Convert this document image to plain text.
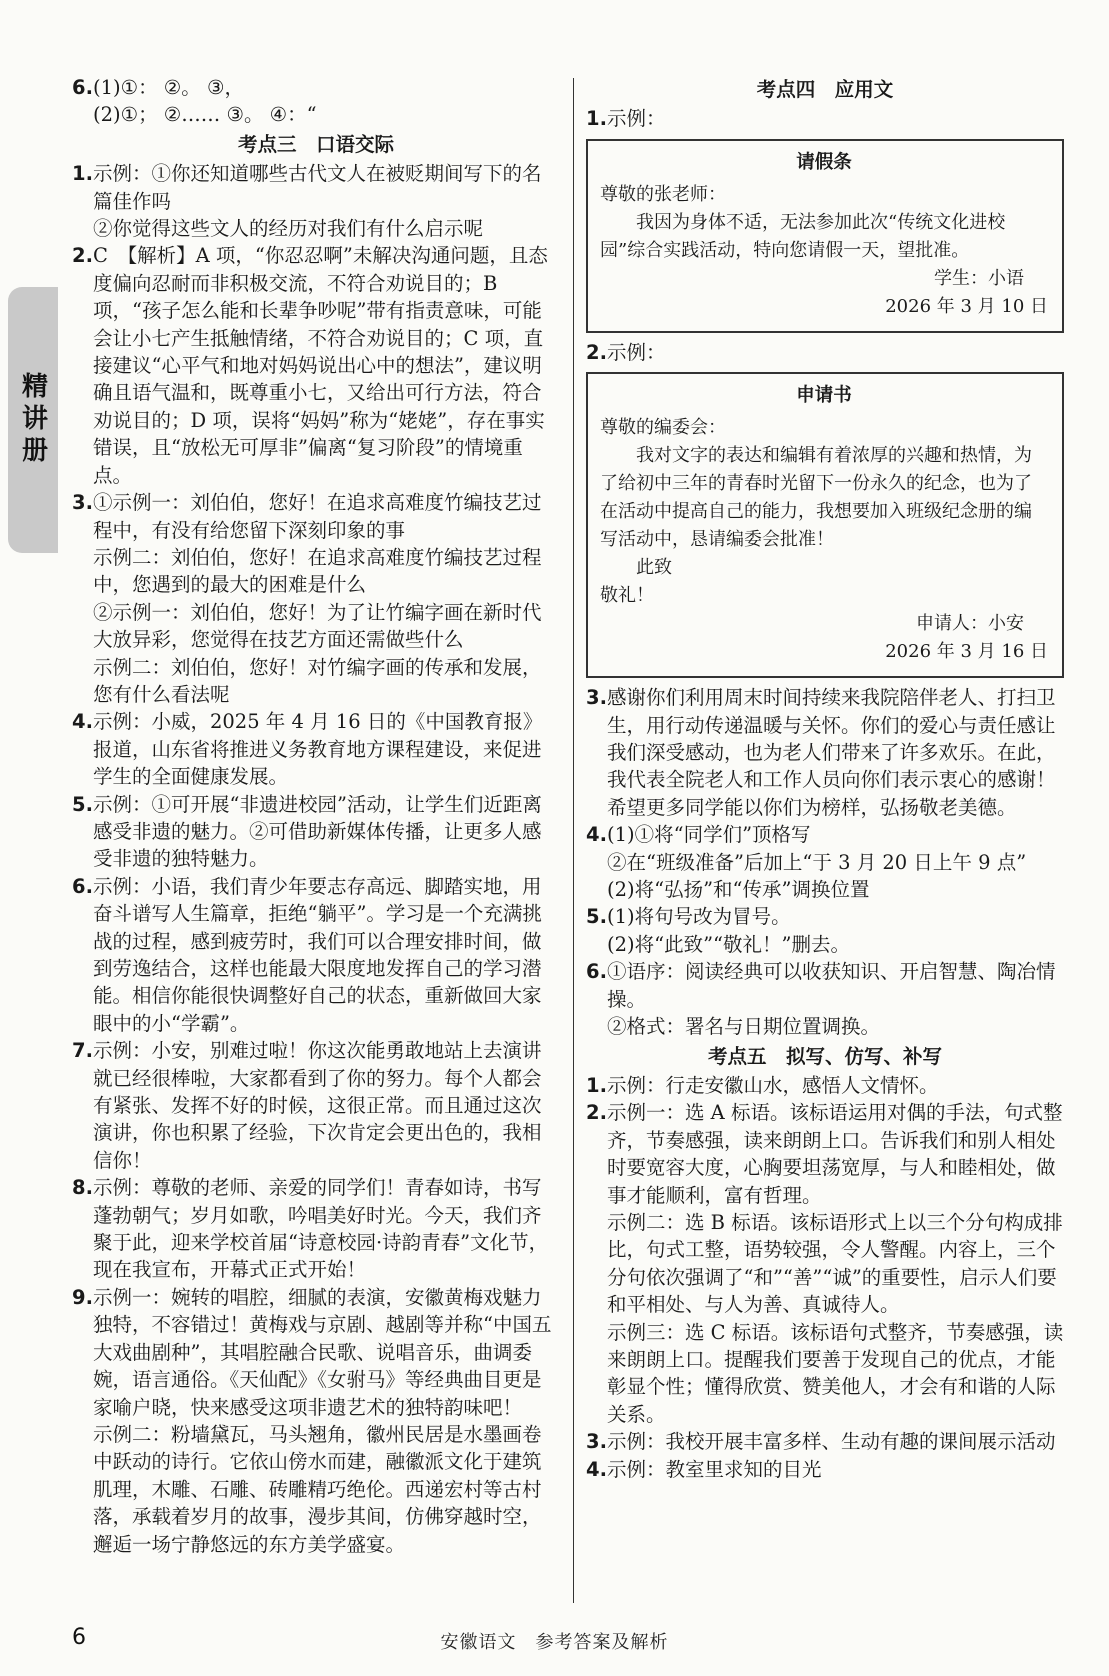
精讲册
6. (1)①： ②。 ③，
(2)①； ②…… ③。 ④：“
考点三　口语交际
1. 示例：①你还知道哪些古代文人在被贬期间写下的名篇佳作吗
②你觉得这些文人的经历对我们有什么启示呢
2. C　【解析】A 项，“你忍忍啊”未解决沟通问题，且态度偏向忍耐而非积极交流，不符合劝说目的；B 项，“孩子怎么能和长辈争吵呢”带有指责意味，可能会让小七产生抵触情绪，不符合劝说目的；C 项，直接建议“心平气和地对妈妈说出心中的想法”，建议明确且语气温和，既尊重小七，又给出可行方法，符合劝说目的；D 项，误将“妈妈”称为“姥姥”，存在事实错误，且“放松无可厚非”偏离“复习阶段”的情境重点。
3. ①示例一：刘伯伯，您好！在追求高难度竹编技艺过程中，有没有给您留下深刻印象的事
示例二：刘伯伯，您好！在追求高难度竹编技艺过程中，您遇到的最大的困难是什么
②示例一：刘伯伯，您好！为了让竹编字画在新时代大放异彩，您觉得在技艺方面还需做些什么
示例二：刘伯伯，您好！对竹编字画的传承和发展，您有什么看法呢
4. 示例：小威，2025 年 4 月 16 日的《中国教育报》报道，山东省将推进义务教育地方课程建设，来促进学生的全面健康发展。
5. 示例：①可开展“非遗进校园”活动，让学生们近距离感受非遗的魅力。②可借助新媒体传播，让更多人感受非遗的独特魅力。
6. 示例：小语，我们青少年要志存高远、脚踏实地，用奋斗谱写人生篇章，拒绝“躺平”。学习是一个充满挑战的过程，感到疲劳时，我们可以合理安排时间，做到劳逸结合，这样也能最大限度地发挥自己的学习潜能。相信你能很快调整好自己的状态，重新做回大家眼中的小“学霸”。
7. 示例：小安，别难过啦！你这次能勇敢地站上去演讲就已经很棒啦，大家都看到了你的努力。每个人都会有紧张、发挥不好的时候，这很正常。而且通过这次演讲，你也积累了经验，下次肯定会更出色的，我相信你！
8. 示例：尊敬的老师、亲爱的同学们！青春如诗，书写蓬勃朝气；岁月如歌，吟唱美好时光。今天，我们齐聚于此，迎来学校首届“诗意校园·诗韵青春”文化节，现在我宣布，开幕式正式开始！
9. 示例一：婉转的唱腔，细腻的表演，安徽黄梅戏魅力独特，不容错过！黄梅戏与京剧、越剧等并称“中国五大戏曲剧种”，其唱腔融合民歌、说唱音乐，曲调委婉，语言通俗。《天仙配》《女驸马》等经典曲目更是家喻户晓，快来感受这项非遗艺术的独特韵味吧！
示例二：粉墙黛瓦，马头翘角，徽州民居是水墨画卷中跃动的诗行。它依山傍水而建，融徽派文化于建筑肌理，木雕、石雕、砖雕精巧绝伦。西递宏村等古村落，承载着岁月的故事，漫步其间，仿佛穿越时空，邂逅一场宁静悠远的东方美学盛宴。
考点四　应用文
1. 示例：
请假条
尊敬的张老师：
我因为身体不适，无法参加此次“传统文化进校园”综合实践活动，特向您请假一天，望批准。
学生：小语
2026 年 3 月 10 日
2. 示例：
申请书
尊敬的编委会：
我对文字的表达和编辑有着浓厚的兴趣和热情，为了给初中三年的青春时光留下一份永久的纪念，也为了在活动中提高自己的能力，我想要加入班级纪念册的编写活动中，恳请编委会批准！
此致
敬礼！
申请人：小安
2026 年 3 月 16 日
3. 感谢你们利用周末时间持续来我院陪伴老人、打扫卫生，用行动传递温暖与关怀。你们的爱心与责任感让我们深受感动，也为老人们带来了许多欢乐。在此，我代表全院老人和工作人员向你们表示衷心的感谢！希望更多同学能以你们为榜样，弘扬敬老美德。
4. (1)①将“同学们”顶格写
②在“班级准备”后加上“于 3 月 20 日上午 9 点”
(2)将“弘扬”和“传承”调换位置
5. (1)将句号改为冒号。
(2)将“此致”“敬礼！”删去。
6. ①语序：阅读经典可以收获知识、开启智慧、陶冶情操。
②格式：署名与日期位置调换。
考点五　拟写、仿写、补写
1. 示例：行走安徽山水，感悟人文情怀。
2. 示例一：选 A 标语。该标语运用对偶的手法，句式整齐，节奏感强，读来朗朗上口。告诉我们和别人相处时要宽容大度，心胸要坦荡宽厚，与人和睦相处，做事才能顺利，富有哲理。
示例二：选 B 标语。该标语形式上以三个分句构成排比，句式工整，语势较强，令人警醒。内容上，三个分句依次强调了“和”“善”“诚”的重要性，启示人们要和平相处、与人为善、真诚待人。
示例三：选 C 标语。该标语句式整齐，节奏感强，读来朗朗上口。提醒我们要善于发现自己的优点，才能彰显个性；懂得欣赏、赞美他人，才会有和谐的人际关系。
3. 示例：我校开展丰富多样、生动有趣的课间展示活动
4. 示例：教室里求知的目光
6	安徽语文　参考答案及解析
